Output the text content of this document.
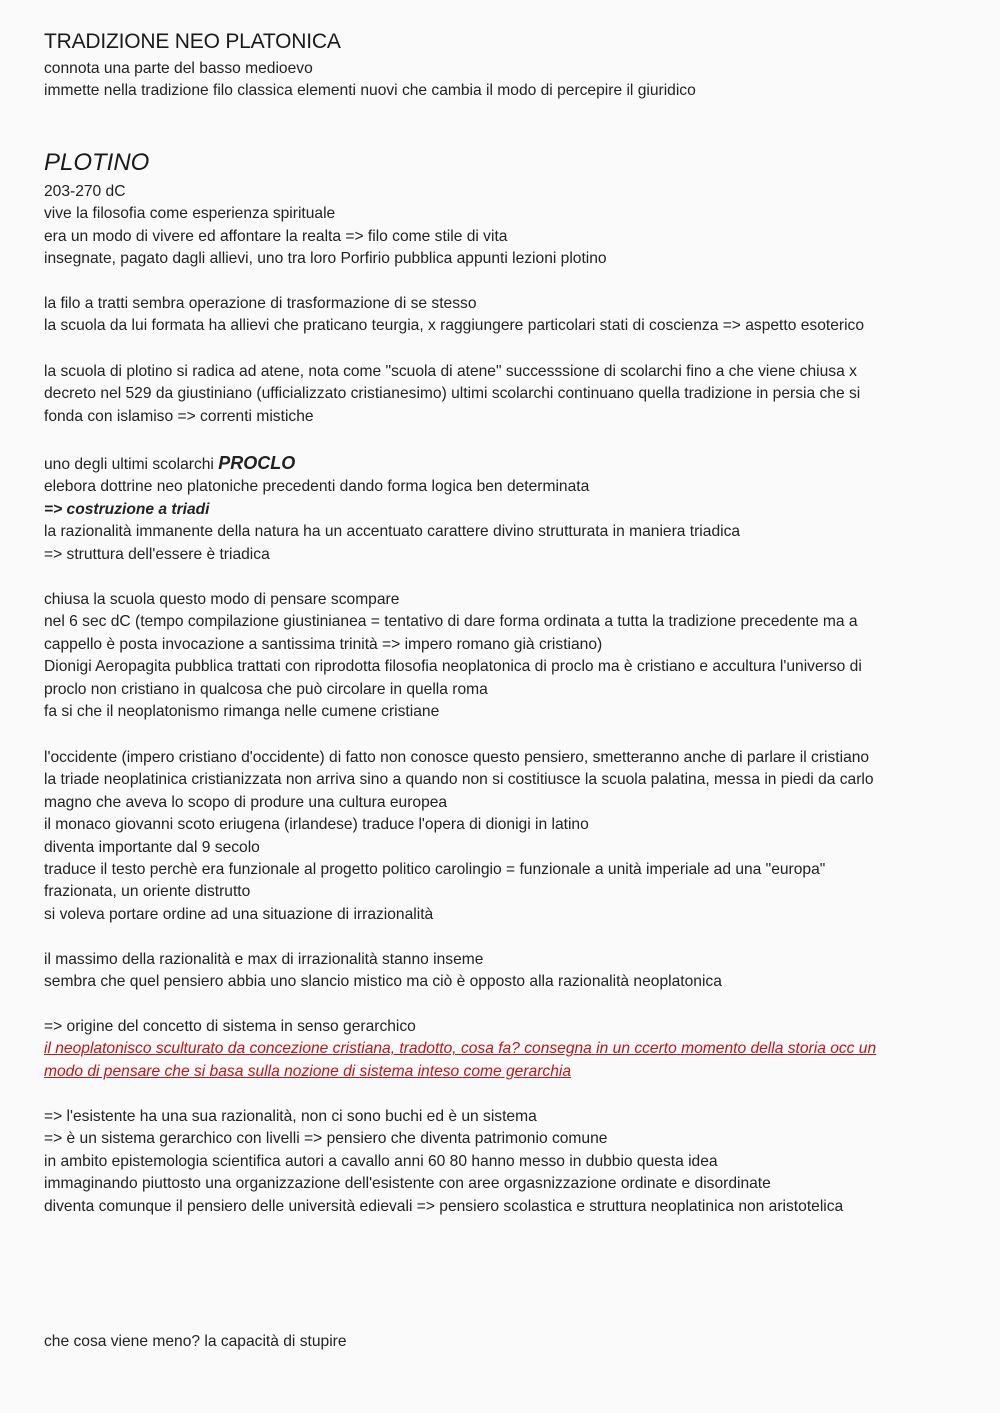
TRADIZIONE NEO PLATONICA
connota una parte del basso medioevo
immette nella tradizione filo classica elementi nuovi che cambia il modo di percepire il giuridico
PLOTINO
203-270 dC
vive la filosofia come esperienza spirituale
era un modo di vivere ed affontare la realta => filo come stile di vita
insegnate, pagato dagli allievi, uno tra loro Porfirio pubblica appunti lezioni plotino
la filo a tratti sembra operazione di trasformazione di se stesso
la scuola da lui formata ha allievi che praticano teurgia, x raggiungere particolari stati di coscienza => aspetto esoterico
la scuola di plotino si radica ad atene, nota come "scuola di atene" successsione di scolarchi fino a che viene chiusa x
decreto nel 529 da giustiniano (ufficializzato cristianesimo) ultimi scolarchi continuano quella tradizione in persia che si
fonda con islamiso => correnti mistiche
uno degli ultimi scolarchi PROCLO
elebora dottrine neo platoniche precedenti dando forma logica ben determinata
=> costruzione a triadi
la razionalità immanente della natura ha un accentuato carattere divino strutturata in maniera triadica
=> struttura dell'essere è triadica
chiusa la scuola questo modo di pensare scompare
nel 6 sec dC (tempo compilazione giustinianea = tentativo di dare forma ordinata a tutta la tradizione precedente ma a
cappello è posta invocazione a santissima trinità => impero romano già cristiano)
Dionigi Aeropagita pubblica trattati con riprodotta filosofia neoplatonica di proclo ma è cristiano e accultura l'universo di
proclo non cristiano in qualcosa che può circolare in quella roma
fa si che il neoplatonismo rimanga nelle cumene cristiane
l'occidente (impero cristiano d'occidente) di fatto non conosce questo pensiero, smetteranno anche di parlare il cristiano
la triade neoplatinica cristianizzata non arriva sino a quando non si costitiusce la scuola palatina, messa in piedi da carlo
magno che aveva lo scopo di produre una cultura europea
il monaco giovanni scoto eriugena (irlandese) traduce l'opera di dionigi in latino
diventa importante dal 9 secolo
traduce il testo perchè era funzionale al progetto politico carolingio = funzionale a unità imperiale ad una "europa"
frazionata, un oriente distrutto
si voleva portare ordine ad una situazione di irrazionalità
il massimo della razionalità e max di irrazionalità stanno inseme
sembra che quel pensiero abbia uno slancio mistico ma ciò è opposto alla razionalità neoplatonica
=> origine del concetto di sistema in senso gerarchico
il neoplatonisco sculturato da concezione cristiana, tradotto, cosa fa? consegna in un ccerto momento della storia occ un
modo di pensare che si basa sulla nozione di sistema inteso come gerarchia
=> l'esistente ha una sua razionalità, non ci sono buchi ed è un sistema
=> è un sistema gerarchico con livelli => pensiero che diventa patrimonio comune
in ambito epistemologia scientifica autori a cavallo anni 60 80 hanno messo in dubbio questa idea
immaginando piuttosto una organizzazione dell'esistente con aree orgasnizzazione ordinate e disordinate
diventa comunque il pensiero delle università edievali => pensiero scolastica e struttura neoplatinica non aristotelica
che cosa viene meno? la capacità di stupire
